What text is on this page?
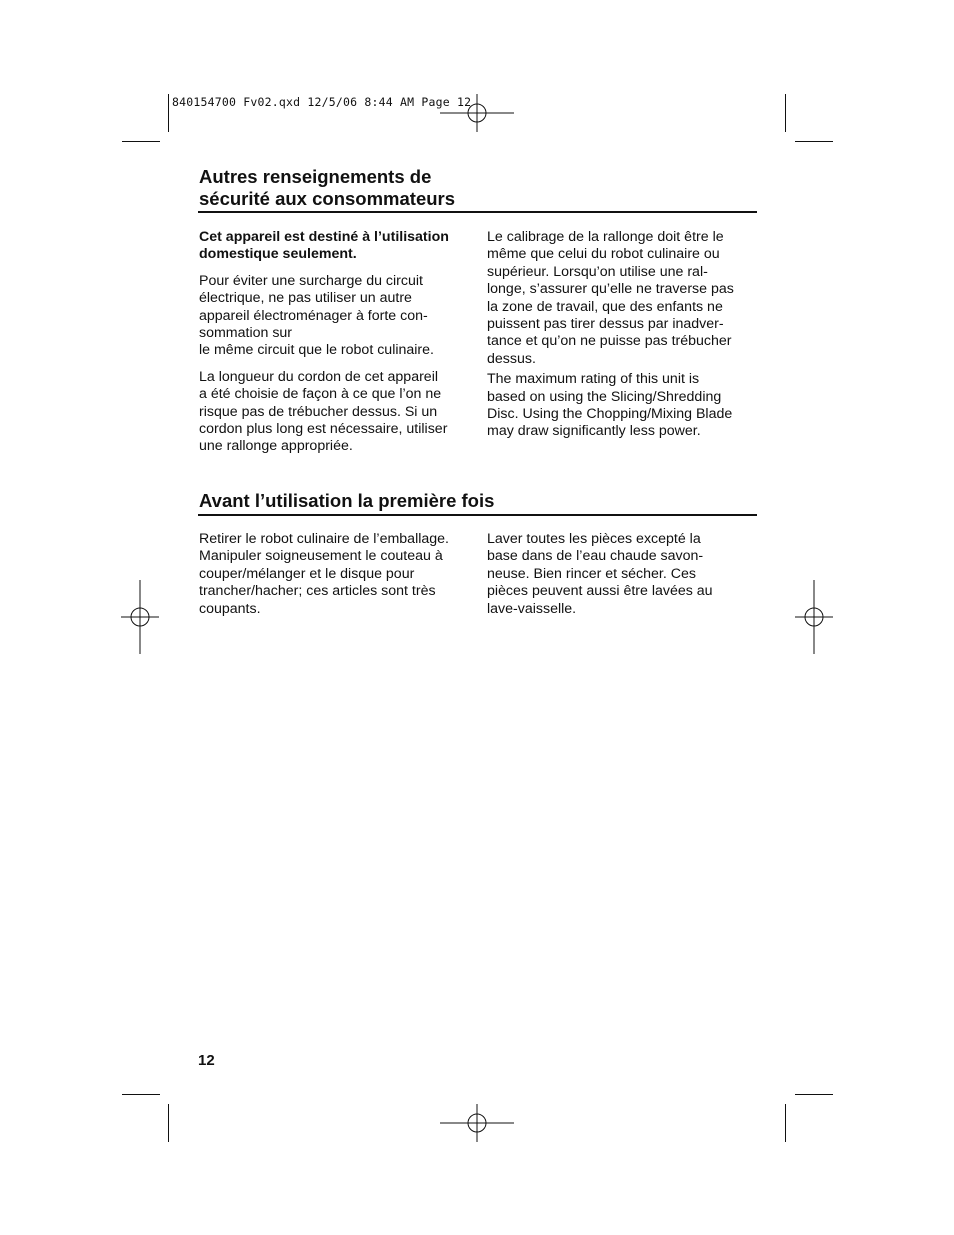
840154700 Fv02.qxd 12/5/06 8:44 AM Page 12
Autres renseignements de
sécurité aux consommateurs

Cet appareil est destiné à l’utilisation
domestique seulement.

Pour éviter une surcharge du circuit
électrique, ne pas utiliser un autre
appareil électroménager à forte con-
sommation sur
le même circuit que le robot culinaire.

La longueur du cordon de cet appareil
a été choisie de façon à ce que l’on ne
risque pas de trébucher dessus. Si un
cordon plus long est nécessaire, utiliser
une rallonge appropriée.

Le calibrage de la rallonge doit être le
même que celui du robot culinaire ou
supérieur. Lorsqu’on utilise une ral-
longe, s’assurer qu’elle ne traverse pas
la zone de travail, que des enfants ne
puissent pas tirer dessus par inadver-
tance et qu’on ne puisse pas trébucher
dessus.

The maximum rating of this unit is
based on using the Slicing/Shredding
Disc. Using the Chopping/Mixing Blade
may draw significantly less power.

Avant l’utilisation la première fois

Retirer le robot culinaire de l’emballage.
Manipuler soigneusement le couteau à
couper/mélanger et le disque pour
trancher/hacher; ces articles sont très
coupants.

Laver toutes les pièces excepté la
base dans de l’eau chaude savon-
neuse. Bien rincer et sécher. Ces
pièces peuvent aussi être lavées au
lave-vaisselle.

12
